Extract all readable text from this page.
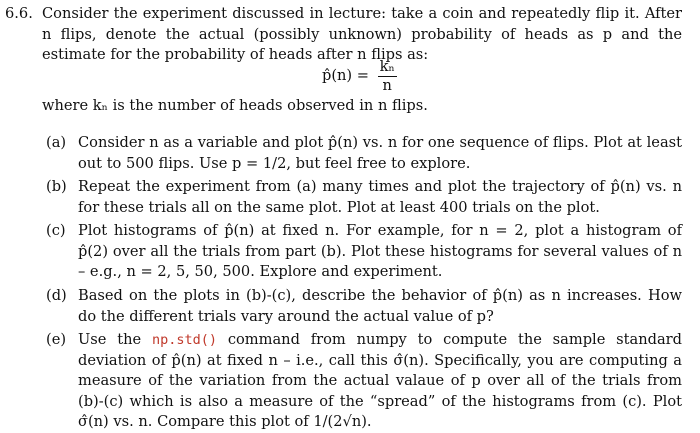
6.6. Consider the experiment discussed in lecture: take a coin and repeatedly flip it. After n flips, denote the actual (possibly unknown) probability of heads as p and the estimate for the probability of heads after n flips as:
p̂(n) = $\frac{\text{kₙ}}{n}$
where kₙ is the number of heads observed in n flips.
(a) Consider n as a variable and plot p̂(n) vs. n for one sequence of flips. Plot at least out to 500 flips. Use p = 1/2, but feel free to explore.
(b) Repeat the experiment from (a) many times and plot the trajectory of p̂(n) vs. n for these trials all on the same plot. Plot at least 400 trials on the plot.
(c) Plot histograms of p̂(n) at fixed n. For example, for n = 2, plot a histogram of p̂(2) over all the trials from part (b). Plot these histograms for several values of n – e.g., n = 2, 5, 50, 500. Explore and experiment.
(d) Based on the plots in (b)-(c), describe the behavior of p̂(n) as n increases. How do the different trials vary around the actual value of p?
(e) Use the np.std() command from numpy to compute the sample standard deviation of p̂(n) at fixed n – i.e., call this σ̂(n). Specifically, you are computing a measure of the variation from the actual valaue of p over all of the trials from (b)-(c) which is also a measure of the “spread” of the histograms from (c). Plot σ̂(n) vs. n. Compare this plot of 1/(2√n).
